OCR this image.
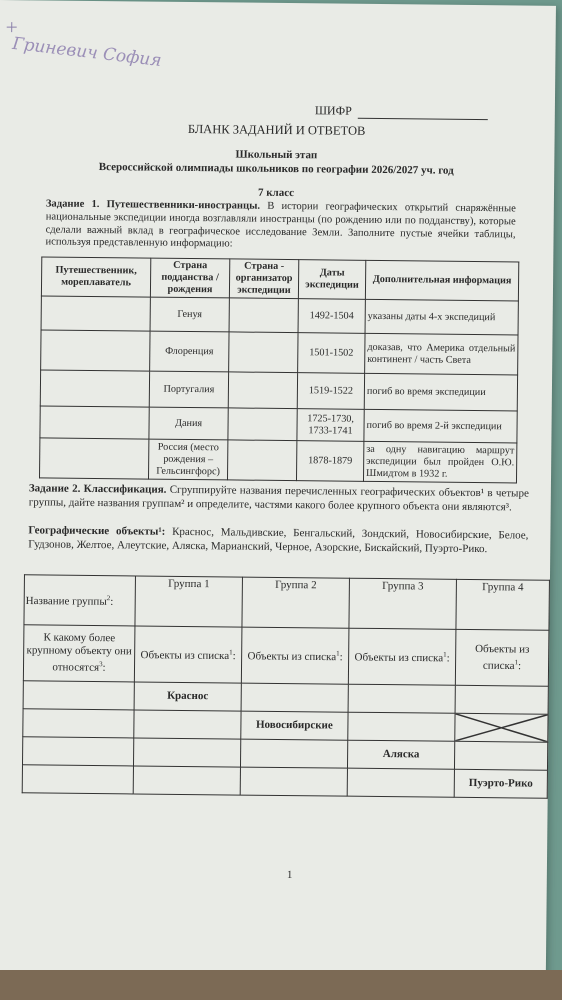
Гриневич София
ШИФР
БЛАНК ЗАДАНИЙ И ОТВЕТОВ
Школьный этап
Всероссийской олимпиады школьников по географии 2026/2027 уч. год
7 класс
Задание 1. Путешественники-иностранцы. В истории географических открытий снаряжённые национальные экспедиции иногда возглавляли иностранцы (по рождению или по подданству), которые сделали важный вклад в географическое исследование Земли. Заполните пустые ячейки таблицы, используя представленную информацию:
Путешественник, мореплаватель	Страна подданства / рождения	Страна - организатор экспедиции	Даты экспедиции	Дополнительная информация
	Генуя		1492-1504	указаны даты 4-х экспедиций
	Флоренция		1501-1502	доказав, что Америка отдельный континент / часть Света
	Португалия		1519-1522	погиб во время экспедиции
	Дания		1725-1730, 1733-1741	погиб во время 2-й экспедиции
	Россия (место рождения – Гельсингфорс)		1878-1879	за одну навигацию маршрут экспедиции был пройден О.Ю. Шмидтом в 1932 г.
Задание 2. Классификация. Сгруппируйте названия перечисленных географических объектов¹ в четыре группы, дайте названия группам² и определите, частями какого более крупного объекта они являются³.
Географические объекты¹: Краснос, Мальдивские, Бенгальский, Зондский, Новосибирские, Белое, Гудзонов, Желтое, Алеутские, Аляска, Марианский, Черное, Азорские, Бискайский, Пуэрто-Рико.
Название группы$^2$:	Группа 1	Группа 2	Группа 3	Группа 4
К какому более крупному объекту они относятся$^3$:	Объекты из списка$^1$:	Объекты из списка$^1$:	Объекты из списка$^1$:	Объекты из списка$^1$:
	Краснос			
		Новосибирские		

			Аляска	
				Пуэрто-Рико
1
